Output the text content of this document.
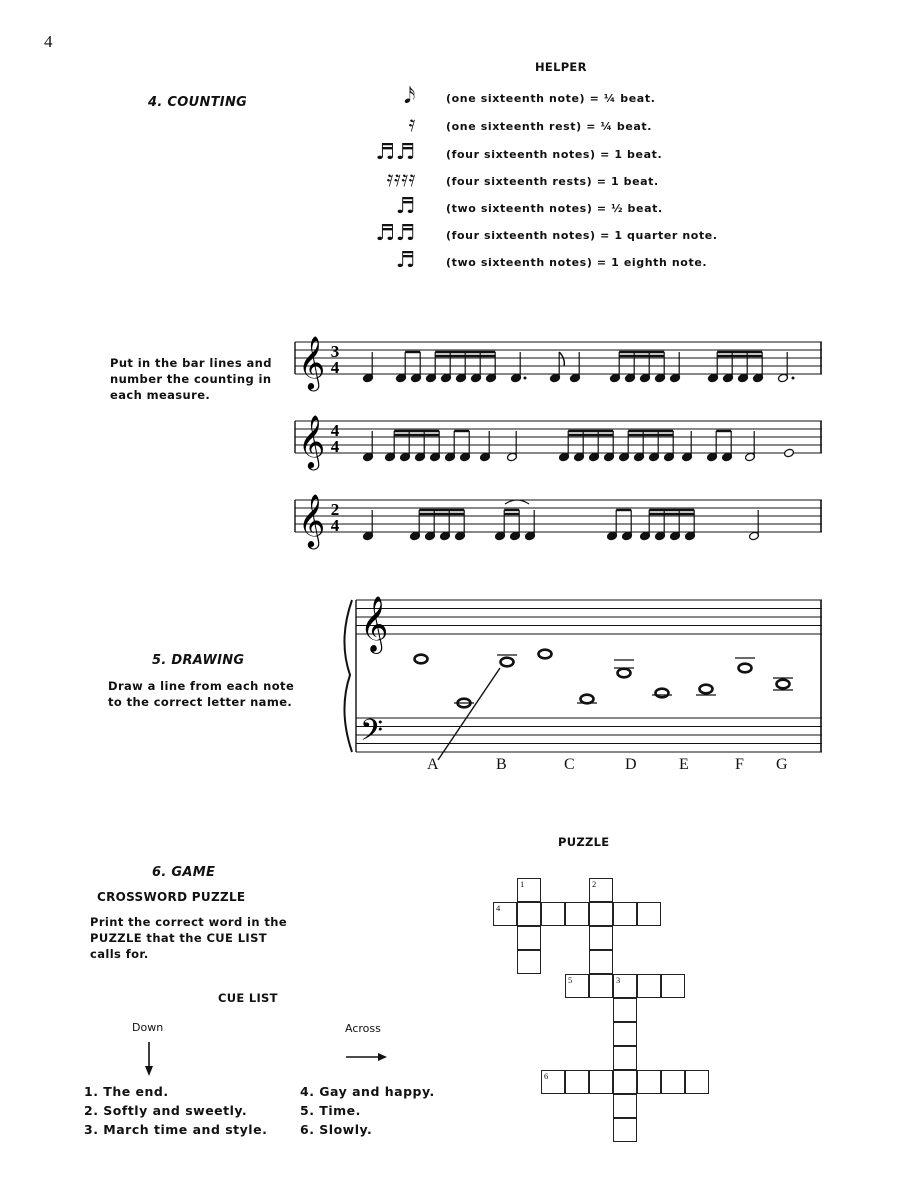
4
4. COUNTING
HELPER
𝅘𝅥𝅯	(one sixteenth note) = ¼ beat.
𝄿	(one sixteenth rest) = ¼ beat.
♬♬	(four sixteenth notes) = 1 beat.
𝄿𝄿𝄿𝄿	(four sixteenth rests) = 1 beat.
♬	(two sixteenth notes) = ½ beat.
♬♬	(four sixteenth notes) = 1 quarter note.
♬	(two sixteenth notes) = 1 eighth note.
Put in the bar lines and
number the counting in
each measure.
𝄞
𝄞
𝄞
3
4
4
4
2
4
𝄞
𝄢
5. DRAWING
Draw a line from each note
to the correct letter name.
A	B	C	D	E	F G
6. GAME
CROSSWORD PUZZLE
Print the correct word in the
PUZZLE that the CUE LIST
calls for.
CUE LIST
Down	Across
1. The end.
2. Softly and sweetly.
3. March time and style.
4. Gay and happy.
5. Time.
6. Slowly.
PUZZLE
4
1	2
5	3
6
